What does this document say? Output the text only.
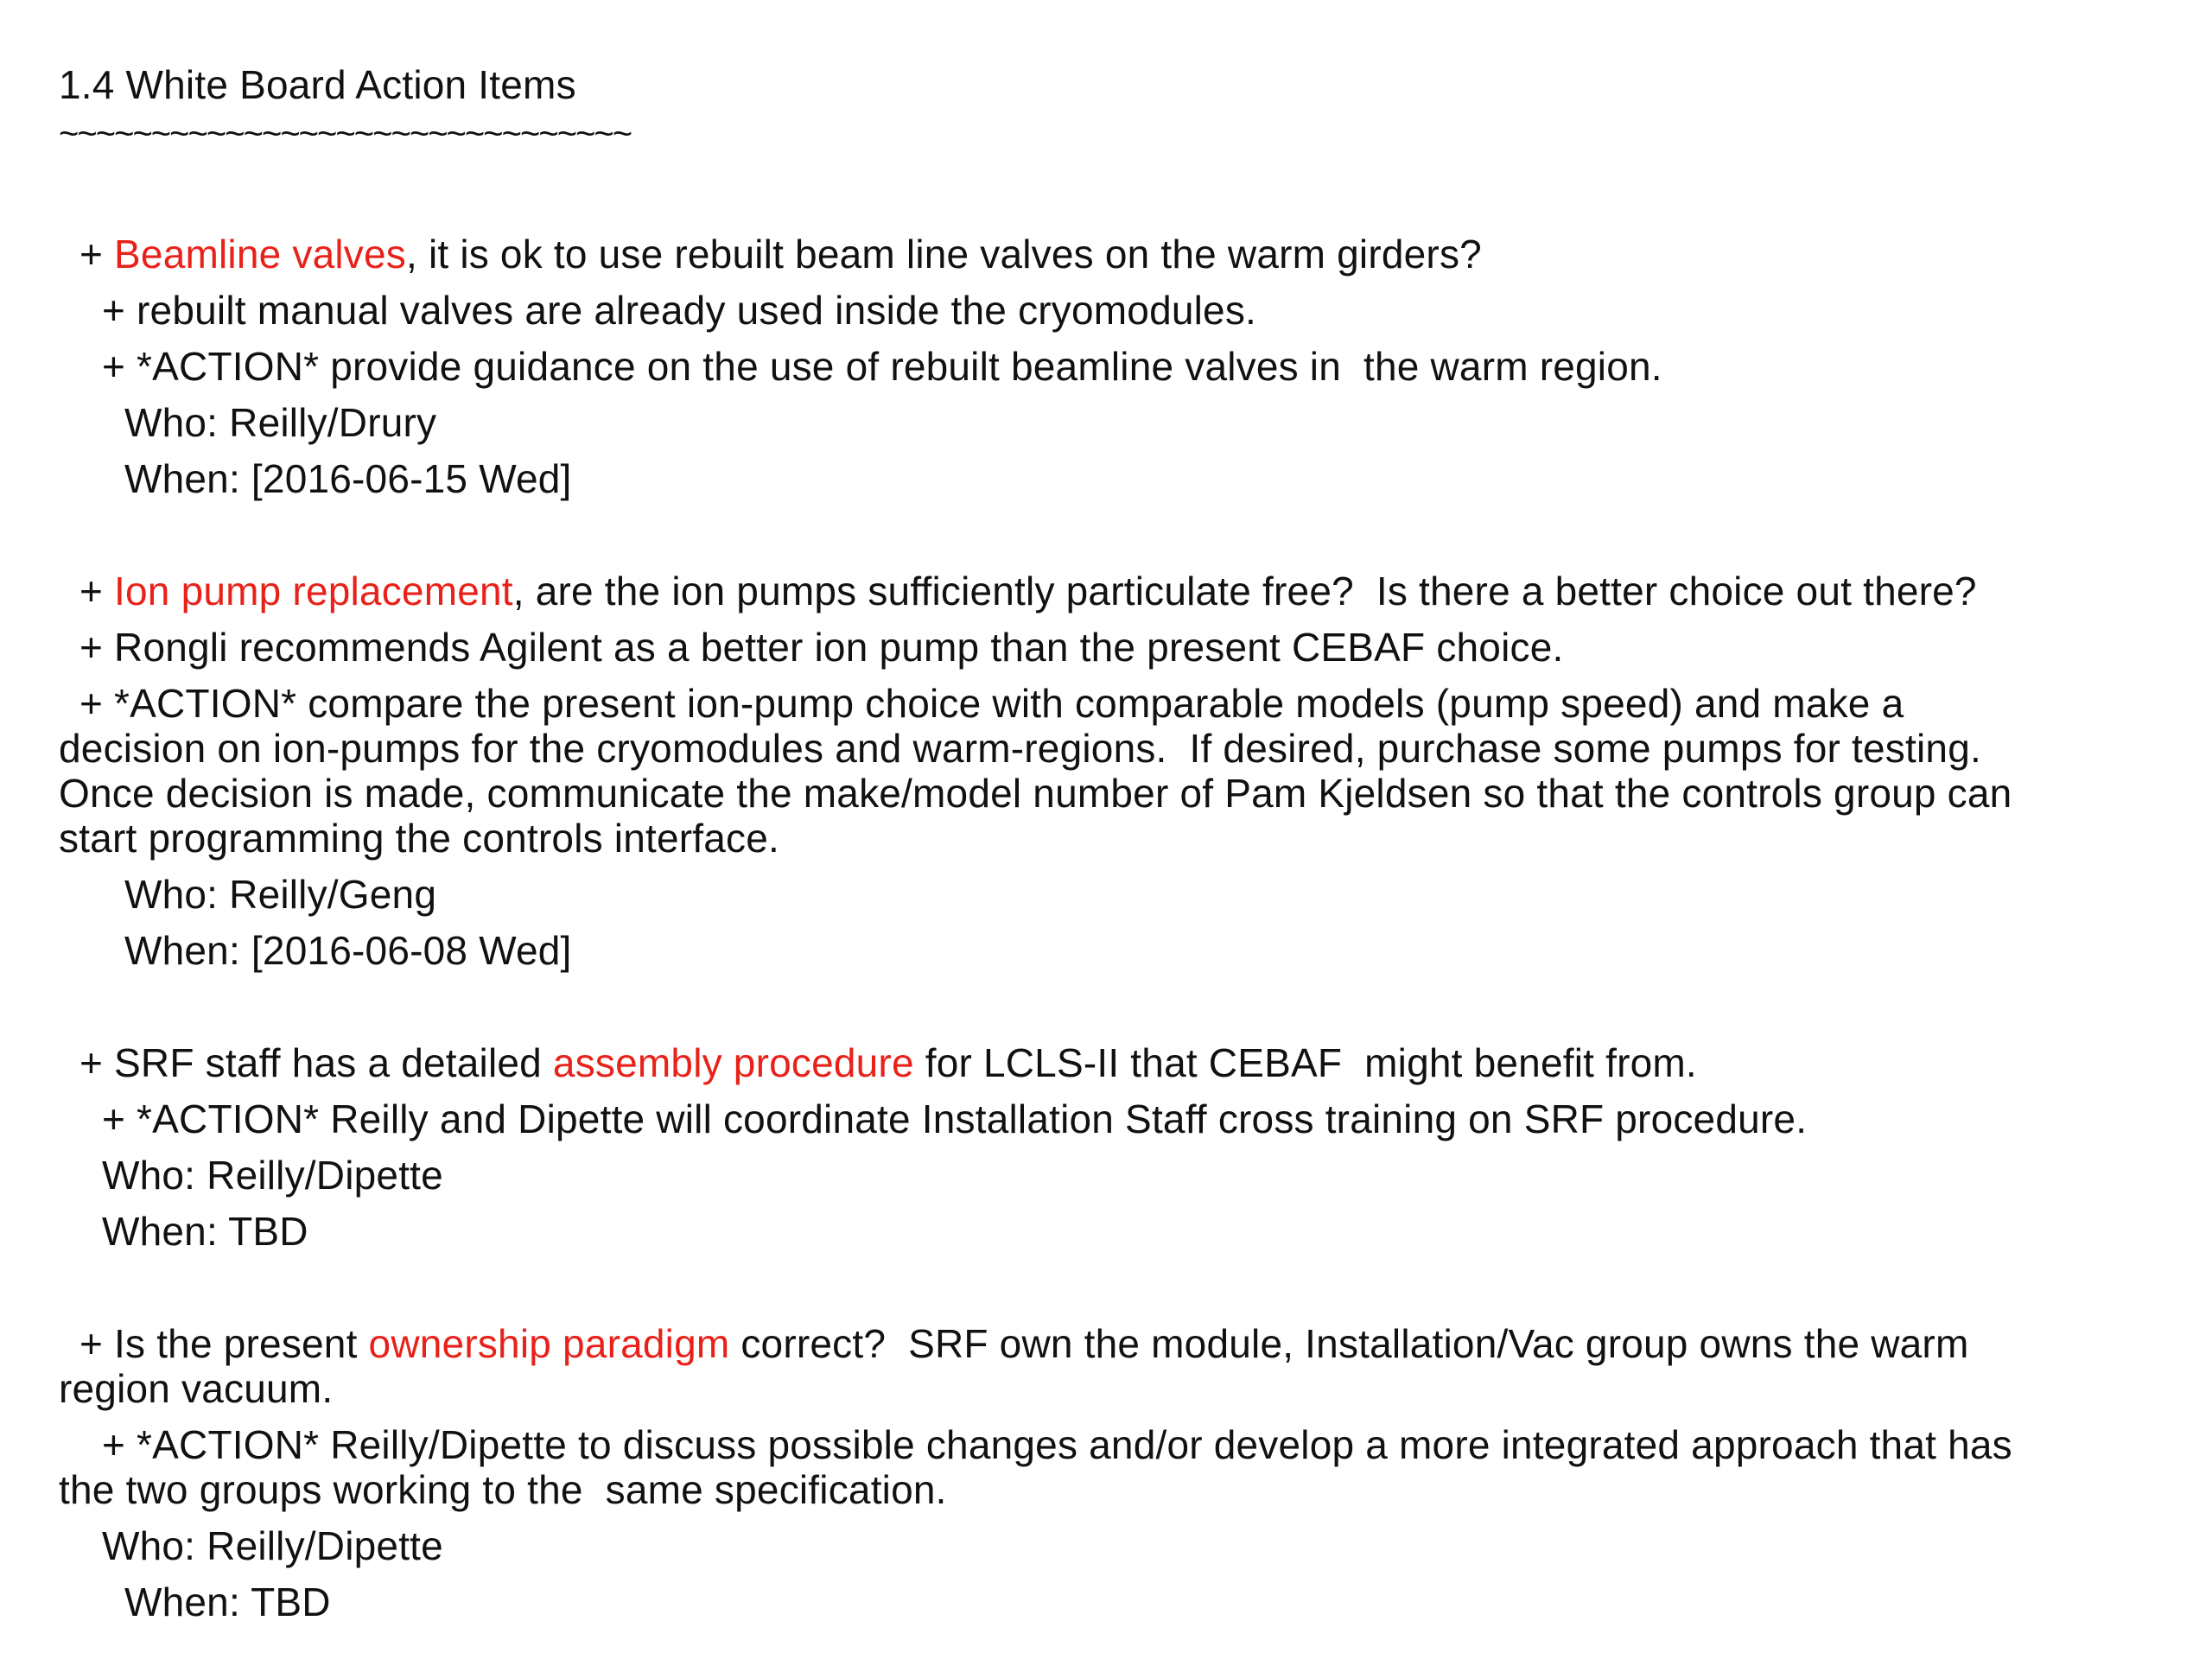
1.4 White Board Action Items
~~~~~~~~~~~~~~~~~~~~~~~~~~~~~~~
+ Beamline valves, it is ok to use rebuilt beam line valves on the warm girders?
+ rebuilt manual valves are already used inside the cryomodules.
+ *ACTION* provide guidance on the use of rebuilt beamline valves in  the warm region.
Who: Reilly/Drury
When: [2016-06-15 Wed]
+ Ion pump replacement, are the ion pumps sufficiently particulate free?  Is there a better choice out there?
+ Rongli recommends Agilent as a better ion pump than the present CEBAF choice.
+ *ACTION* compare the present ion-pump choice with comparable models (pump speed) and make a
decision on ion-pumps for the cryomodules and warm-regions.  If desired, purchase some pumps for testing.
Once decision is made, communicate the make/model number of Pam Kjeldsen so that the controls group can
start programming the controls interface.
Who: Reilly/Geng
When: [2016-06-08 Wed]
+ SRF staff has a detailed assembly procedure for LCLS-II that CEBAF  might benefit from.
+ *ACTION* Reilly and Dipette will coordinate Installation Staff cross training on SRF procedure.
Who: Reilly/Dipette
When: TBD
+ Is the present ownership paradigm correct?  SRF own the module, Installation/Vac group owns the warm
region vacuum.
+ *ACTION* Reilly/Dipette to discuss possible changes and/or develop a more integrated approach that has
the two groups working to the  same specification.
Who: Reilly/Dipette
When: TBD
